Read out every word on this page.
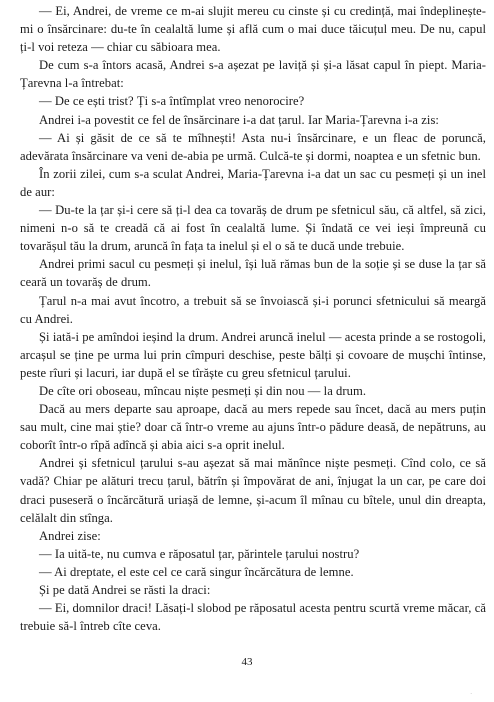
— Ei, Andrei, de vreme ce m-ai slujit mereu cu cinste și cu credință, mai îndeplinește-mi o însărcinare: du-te în cealaltă lume și află cum o mai duce tăicuțul meu. De nu, capul ți-l voi reteza — chiar cu săbioara mea.

De cum s-a întors acasă, Andrei s-a așezat pe laviță și și-a lăsat capul în piept. Maria-Țarevna l-a întrebat:

— De ce ești trist? Ți s-a întîmplat vreo nenorocire?

Andrei i-a povestit ce fel de însărcinare i-a dat țarul. Iar Maria-Țarevna i-a zis:

— Ai și găsit de ce să te mîhnești! Asta nu-i însărcinare, e un fleac de poruncă, adevărata însărcinare va veni de-abia pe urmă. Culcă-te și dormi, noaptea e un sfetnic bun.

În zorii zilei, cum s-a sculat Andrei, Maria-Țarevna i-a dat un sac cu pesmeți și un inel de aur:

— Du-te la țar și-i cere să ți-l dea ca tovarăș de drum pe sfetnicul său, că altfel, să zici, nimeni n-o să te creadă că ai fost în cealaltă lume. Și îndată ce vei ieși împreună cu tovarășul tău la drum, aruncă în fața ta inelul și el o să te ducă unde trebuie.

Andrei primi sacul cu pesmeți și inelul, își luă rămas bun de la soție și se duse la țar să ceară un tovarăș de drum.

Țarul n-a mai avut încotro, a trebuit să se învoiască și-i porunci sfetnicului să meargă cu Andrei.

Și iată-i pe amîndoi ieșind la drum. Andrei aruncă inelul — acesta prinde a se rostogoli, arcașul se ține pe urma lui prin cîmpuri deschise, peste bălți și covoare de mușchi întinse, peste rîuri și lacuri, iar după el se tîrăște cu greu sfetnicul țarului.

De cîte ori oboseau, mîncau niște pesmeți și din nou — la drum.

Dacă au mers departe sau aproape, dacă au mers repede sau încet, dacă au mers puțin sau mult, cine mai știe? doar că într-o vreme au ajuns într-o pădure deasă, de nepătruns, au coborît într-o rîpă adîncă și abia aici s-a oprit inelul.

Andrei și sfetnicul țarului s-au așezat să mai mănînce niște pesmeți. Cînd colo, ce să vadă? Chiar pe alături trecu țarul, bătrîn și împovărat de ani, înjugat la un car, pe care doi draci puseseră o încărcătură uriașă de lemne, și-acum îl mînau cu bîtele, unul din dreapta, celălalt din stînga.

Andrei zise:

— Ia uită-te, nu cumva e răposatul țar, părintele țarului nostru?

— Ai dreptate, el este cel ce cară singur încărcătura de lemne.

Și pe dată Andrei se răsti la draci:

— Ei, domnilor draci! Lăsați-l slobod pe răposatul acesta pentru scurtă vreme măcar, că trebuie să-l întreb cîte ceva.

43
·
